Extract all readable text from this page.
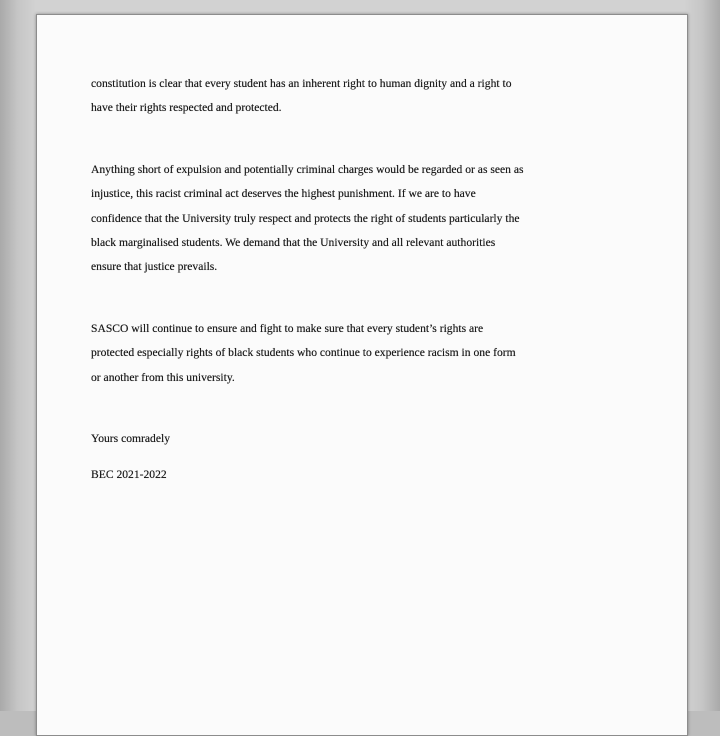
constitution is clear that every student has an inherent right to human dignity and a right to
have their rights respected and protected.

Anything short of expulsion and potentially criminal charges would be regarded or as seen as
injustice, this racist criminal act deserves the highest punishment. If we are to have
confidence that the University truly respect and protects the right of students particularly the
black marginalised students. We demand that the University and all relevant authorities
ensure that justice prevails.

SASCO will continue to ensure and fight to make sure that every student’s rights are
protected especially rights of black students who continue to experience racism in one form
or another from this university.

Yours comradely

BEC 2021-2022
